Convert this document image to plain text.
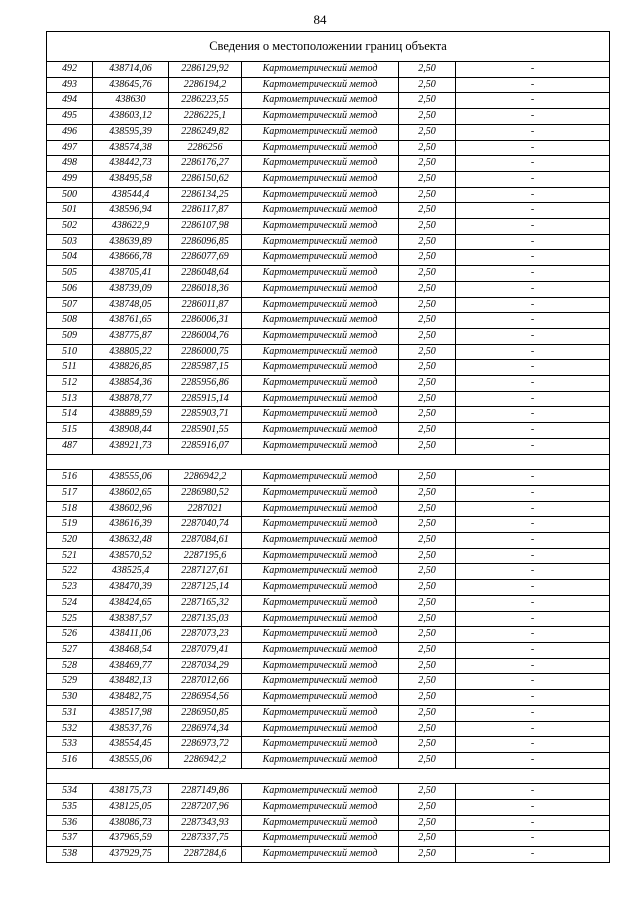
84
Сведения о местоположении границ объекта					
492	438714,06	2286129,92	Картометрический метод	2,50	-
493	438645,76	2286194,2	Картометрический метод	2,50	-
494	438630	2286223,55	Картометрический метод	2,50	-
495	438603,12	2286225,1	Картометрический метод	2,50	-
496	438595,39	2286249,82	Картометрический метод	2,50	-
497	438574,38	2286256	Картометрический метод	2,50	-
498	438442,73	2286176,27	Картометрический метод	2,50	-
499	438495,58	2286150,62	Картометрический метод	2,50	-
500	438544,4	2286134,25	Картометрический метод	2,50	-
501	438596,94	2286117,87	Картометрический метод	2,50	-
502	438622,9	2286107,98	Картометрический метод	2,50	-
503	438639,89	2286096,85	Картометрический метод	2,50	-
504	438666,78	2286077,69	Картометрический метод	2,50	-
505	438705,41	2286048,64	Картометрический метод	2,50	-
506	438739,09	2286018,36	Картометрический метод	2,50	-
507	438748,05	2286011,87	Картометрический метод	2,50	-
508	438761,65	2286006,31	Картометрический метод	2,50	-
509	438775,87	2286004,76	Картометрический метод	2,50	-
510	438805,22	2286000,75	Картометрический метод	2,50	-
511	438826,85	2285987,15	Картометрический метод	2,50	-
512	438854,36	2285956,86	Картометрический метод	2,50	-
513	438878,77	2285915,14	Картометрический метод	2,50	-
514	438889,59	2285903,71	Картометрический метод	2,50	-
515	438908,44	2285901,55	Картометрический метод	2,50	-
487	438921,73	2285916,07	Картометрический метод	2,50	-

516	438555,06	2286942,2	Картометрический метод	2,50	-
517	438602,65	2286980,52	Картометрический метод	2,50	-
518	438602,96	2287021	Картометрический метод	2,50	-
519	438616,39	2287040,74	Картометрический метод	2,50	-
520	438632,48	2287084,61	Картометрический метод	2,50	-
521	438570,52	2287195,6	Картометрический метод	2,50	-
522	438525,4	2287127,61	Картометрический метод	2,50	-
523	438470,39	2287125,14	Картометрический метод	2,50	-
524	438424,65	2287165,32	Картометрический метод	2,50	-
525	438387,57	2287135,03	Картометрический метод	2,50	-
526	438411,06	2287073,23	Картометрический метод	2,50	-
527	438468,54	2287079,41	Картометрический метод	2,50	-
528	438469,77	2287034,29	Картометрический метод	2,50	-
529	438482,13	2287012,66	Картометрический метод	2,50	-
530	438482,75	2286954,56	Картометрический метод	2,50	-
531	438517,98	2286950,85	Картометрический метод	2,50	-
532	438537,76	2286974,34	Картометрический метод	2,50	-
533	438554,45	2286973,72	Картометрический метод	2,50	-
516	438555,06	2286942,2	Картометрический метод	2,50	-

534	438175,73	2287149,86	Картометрический метод	2,50	-
535	438125,05	2287207,96	Картометрический метод	2,50	-
536	438086,73	2287343,93	Картометрический метод	2,50	-
537	437965,59	2287337,75	Картометрический метод	2,50	-
538	437929,75	2287284,6	Картометрический метод	2,50	-
